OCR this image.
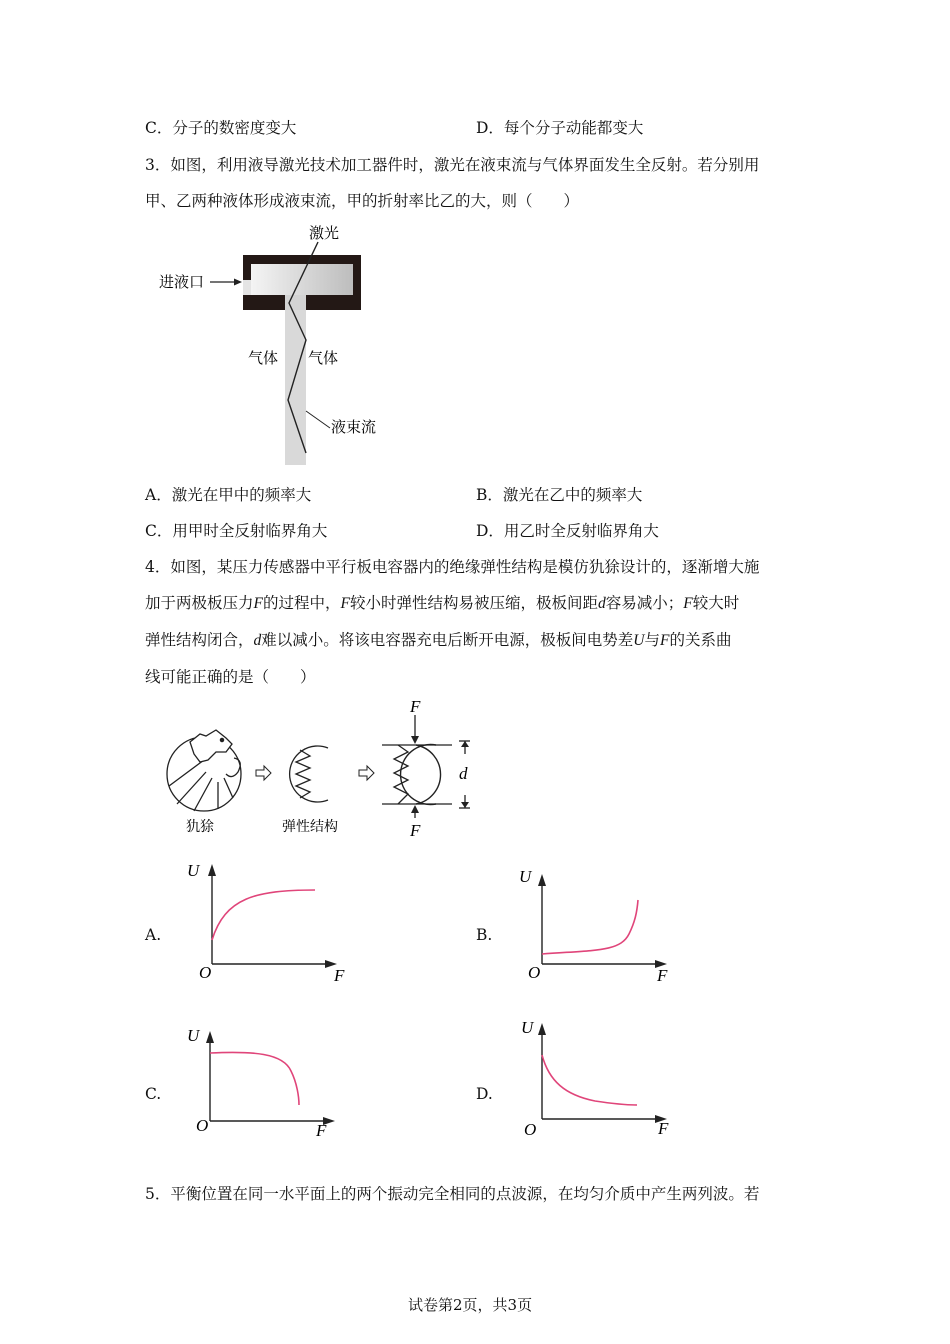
C．分子的数密度变大	D．每个分子动能都变大
3．如图，利用液导激光技术加工器件时，激光在液束流与气体界面发生全反射。若分别用
甲、乙两种液体形成液束流，甲的折射率比乙的大，则（　　）
激光
进液口
气体 气体
液束流
A．激光在甲中的频率大	B．激光在乙中的频率大
C．用甲时全反射临界角大	D．用乙时全反射临界角大
4．如图，某压力传感器中平行板电容器内的绝缘弹性结构是模仿犰狳设计的，逐渐增大施
加于两极板压力F的过程中，F较小时弹性结构易被压缩，极板间距d容易减小；F较大时
弹性结构闭合，d难以减小。将该电容器充电后断开电源，极板间电势差U与F的关系曲
线可能正确的是（　　）
F
F
d
犰狳	弹性结构
A.
U
O	F
B.
U
O	F
C.
U
O	F
D.
U
O	F
5．平衡位置在同一水平面上的两个振动完全相同的点波源，在均匀介质中产生两列波。若
试卷第2页，共3页
